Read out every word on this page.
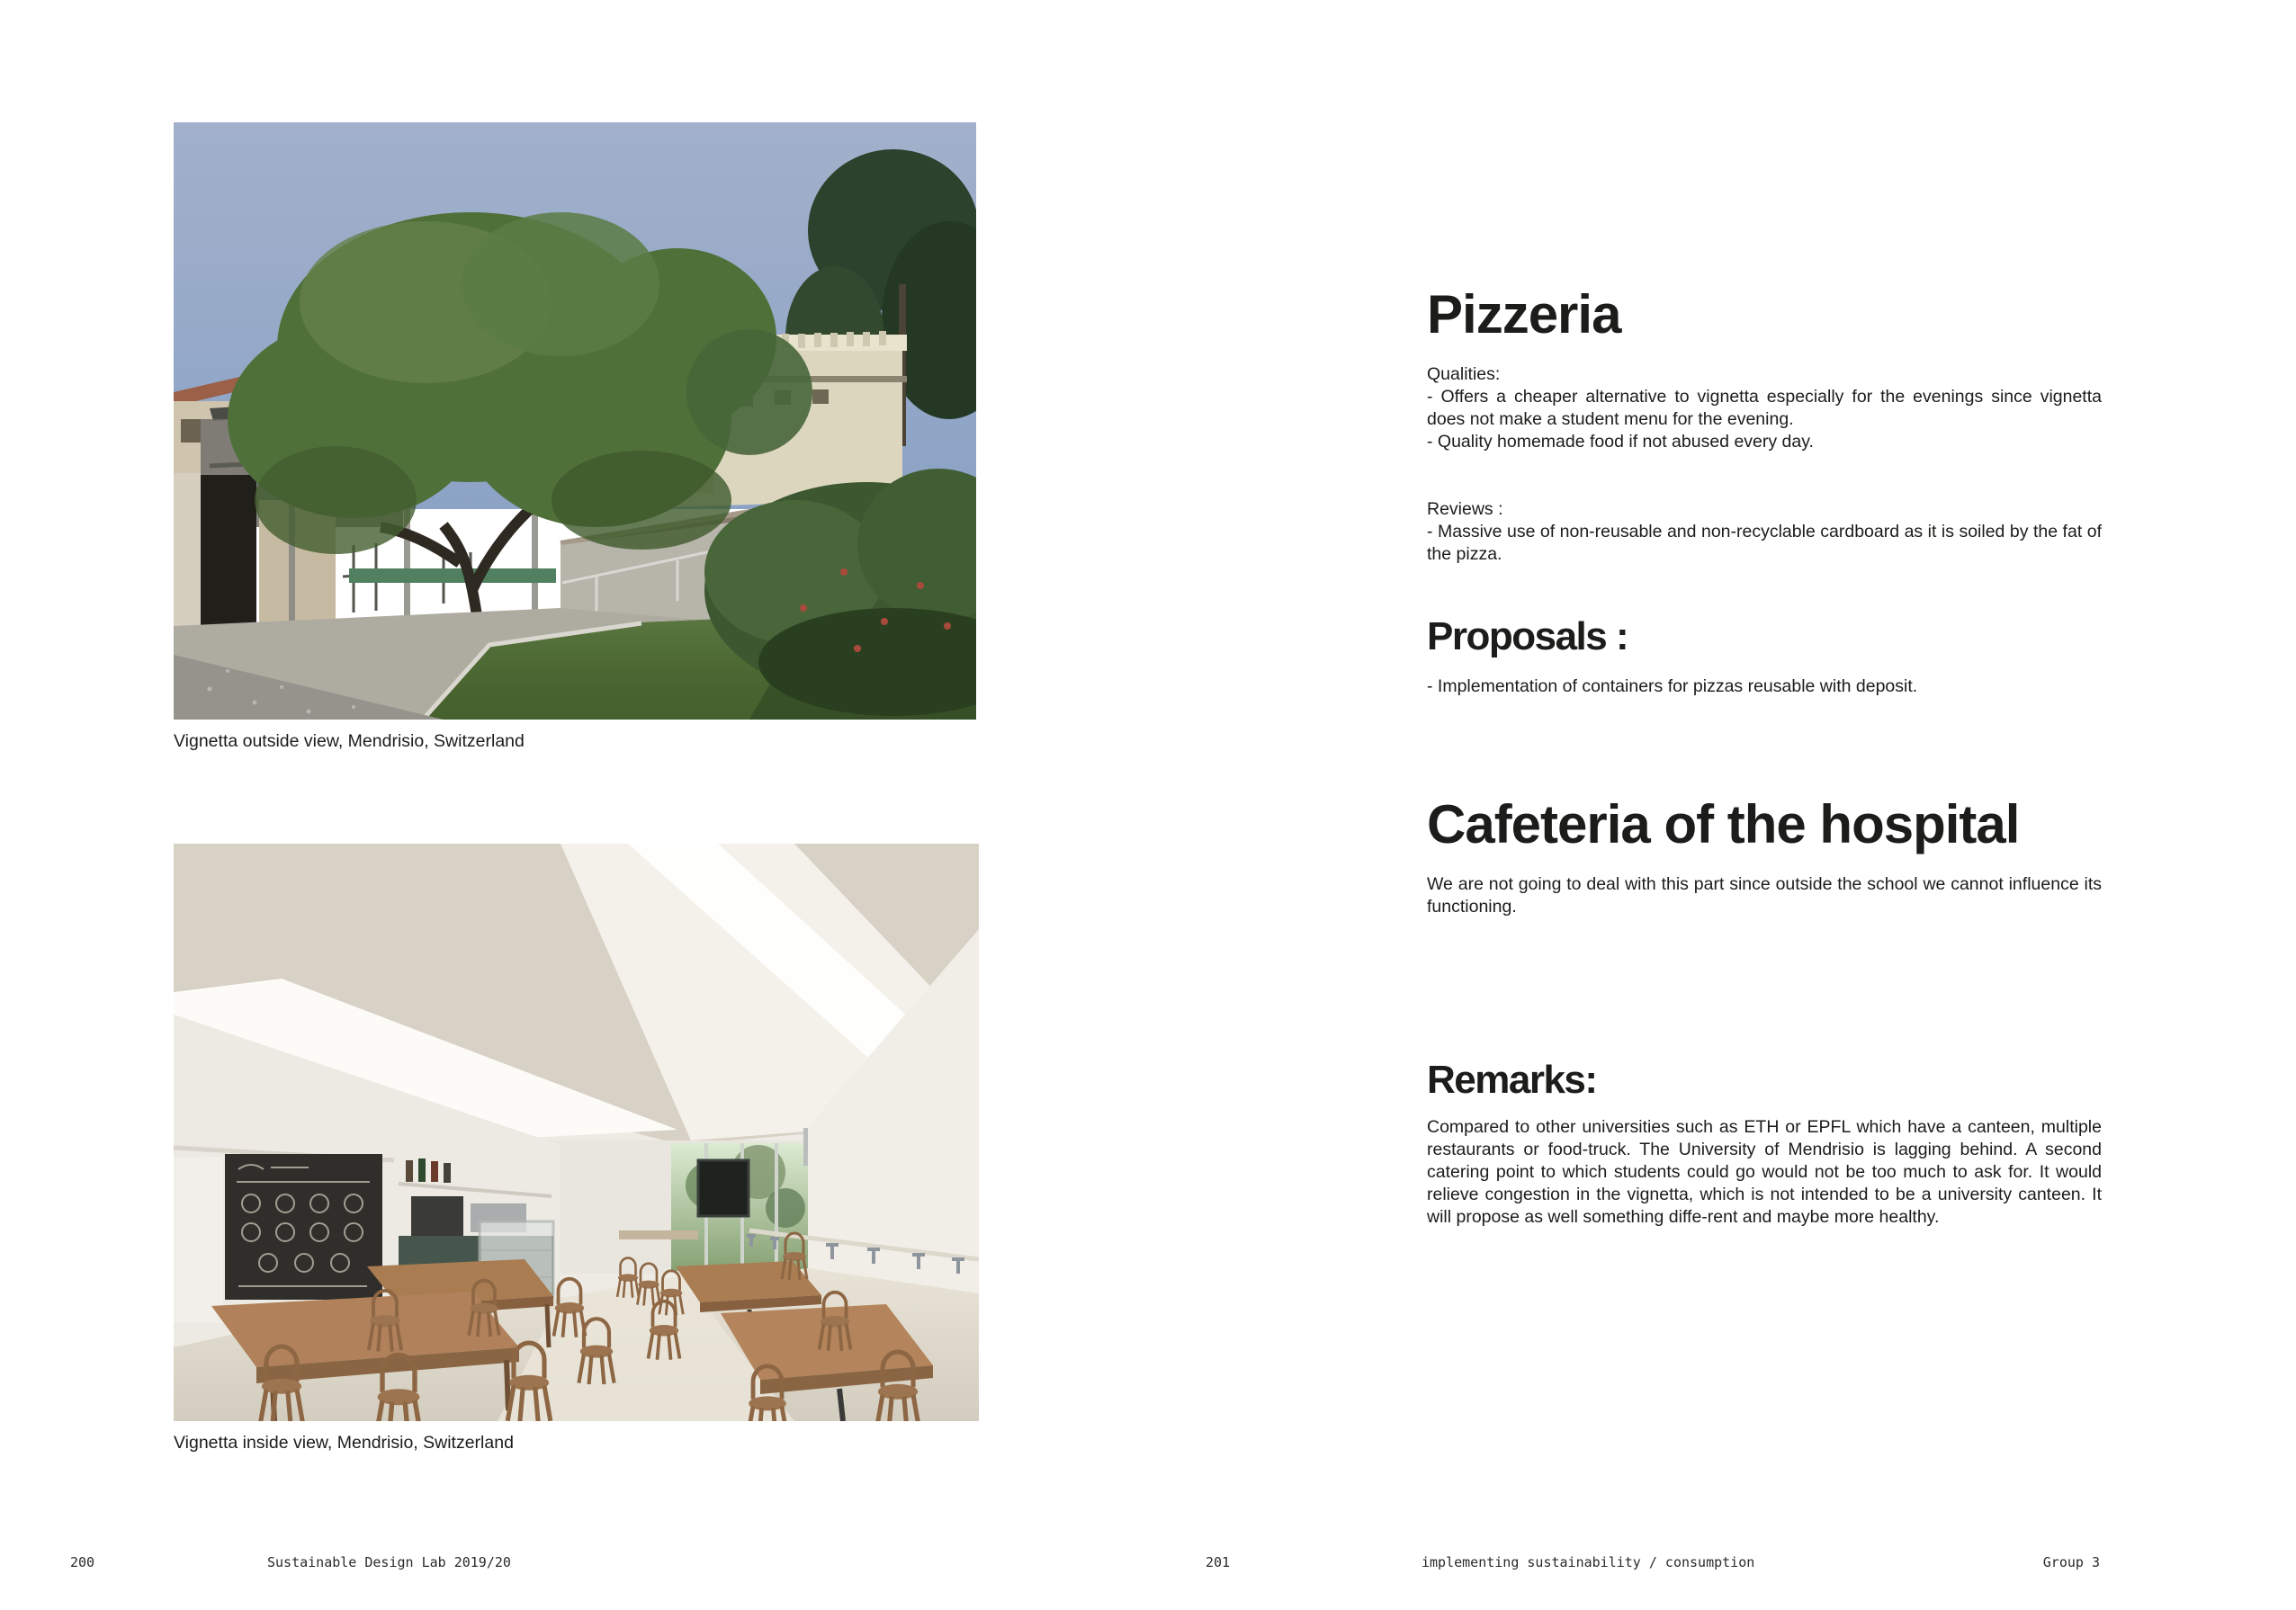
Vignetta outside view, Mendrisio, Switzerland
Vignetta inside view, Mendrisio, Switzerland
Pizzeria
Qualities:
- Offers a cheaper alternative to vignetta especially for the evenings since vignetta does not make a student menu for the evening.
- Quality homemade food if not abused every day.
Reviews :
- Massive use of non-reusable and non-recyclable cardboard as it is soiled by the fat of the pizza.
Proposals :
- Implementation of containers for pizzas reusable with deposit.
Cafeteria of the hospital
We are not going to deal with this part since outside the school we cannot influence its functioning.
Remarks:
Compared to other universities such as ETH or EPFL which have a canteen, multiple restaurants or food-truck. The University of Mendrisio is lagging behind. A second catering point to which students could go would not be too much to ask for. It would relieve congestion in the vignetta, which is not intended to be a university canteen. It will propose as well something diffe-rent and maybe more healthy.
200	Sustainable Design Lab 2019/20	201	implementing sustainability / consumption	Group 3
